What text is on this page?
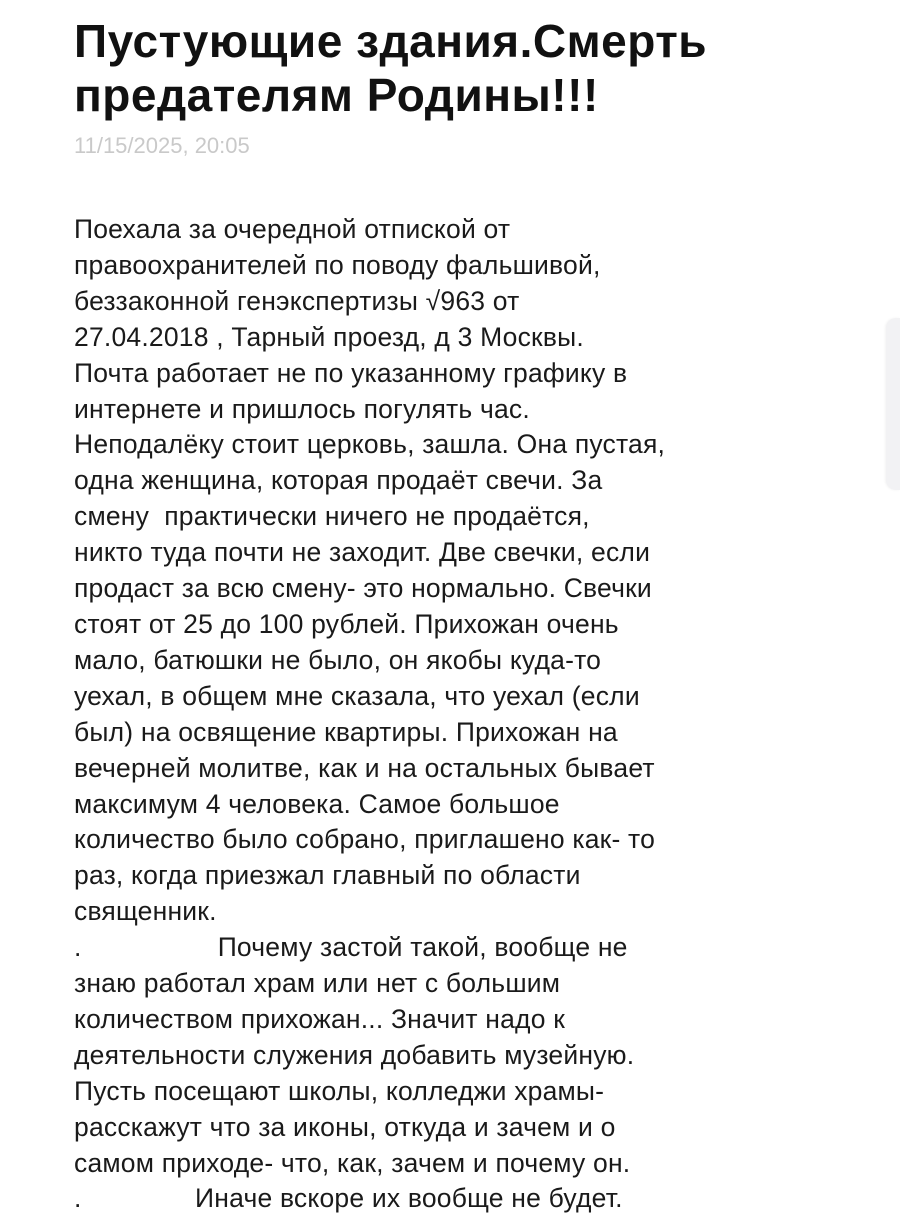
Пустующие здания.Смерть
предателям Родины!!!
11/15/2025, 20:05
Поехала за очередной отпиской от
правоохранителей по поводу фальшивой,
беззаконной генэкспертизы √963 от
27.04.2018 , Тарный проезд, д 3 Москвы.
Почта работает не по указанному графику в
интернете и пришлось погулять час.
Неподалёку стоит церковь, зашла. Она пустая,
одна женщина, которая продаёт свечи. За
смену  практически ничего не продаётся,
никто туда почти не заходит. Две свечки, если
продаст за всю смену- это нормально. Свечки
стоят от 25 до 100 рублей. Прихожан очень
мало, батюшки не было, он якобы куда-то
уехал, в общем мне сказала, что уехал (если
был) на освящение квартиры. Прихожан на
вечерней молитве, как и на остальных бывает
максимум 4 человека. Самое большое
количество было собрано, приглашено как- то
раз, когда приезжал главный по области
священник.
.                  Почему застой такой, вообще не
знаю работал храм или нет с большим
количеством прихожан... Значит надо к
деятельности служения добавить музейную.
Пусть посещают школы, колледжи храмы-
расскажут что за иконы, откуда и зачем и о
самом приходе- что, как, зачем и почему он.
.               Иначе вскоре их вообще не будет.
